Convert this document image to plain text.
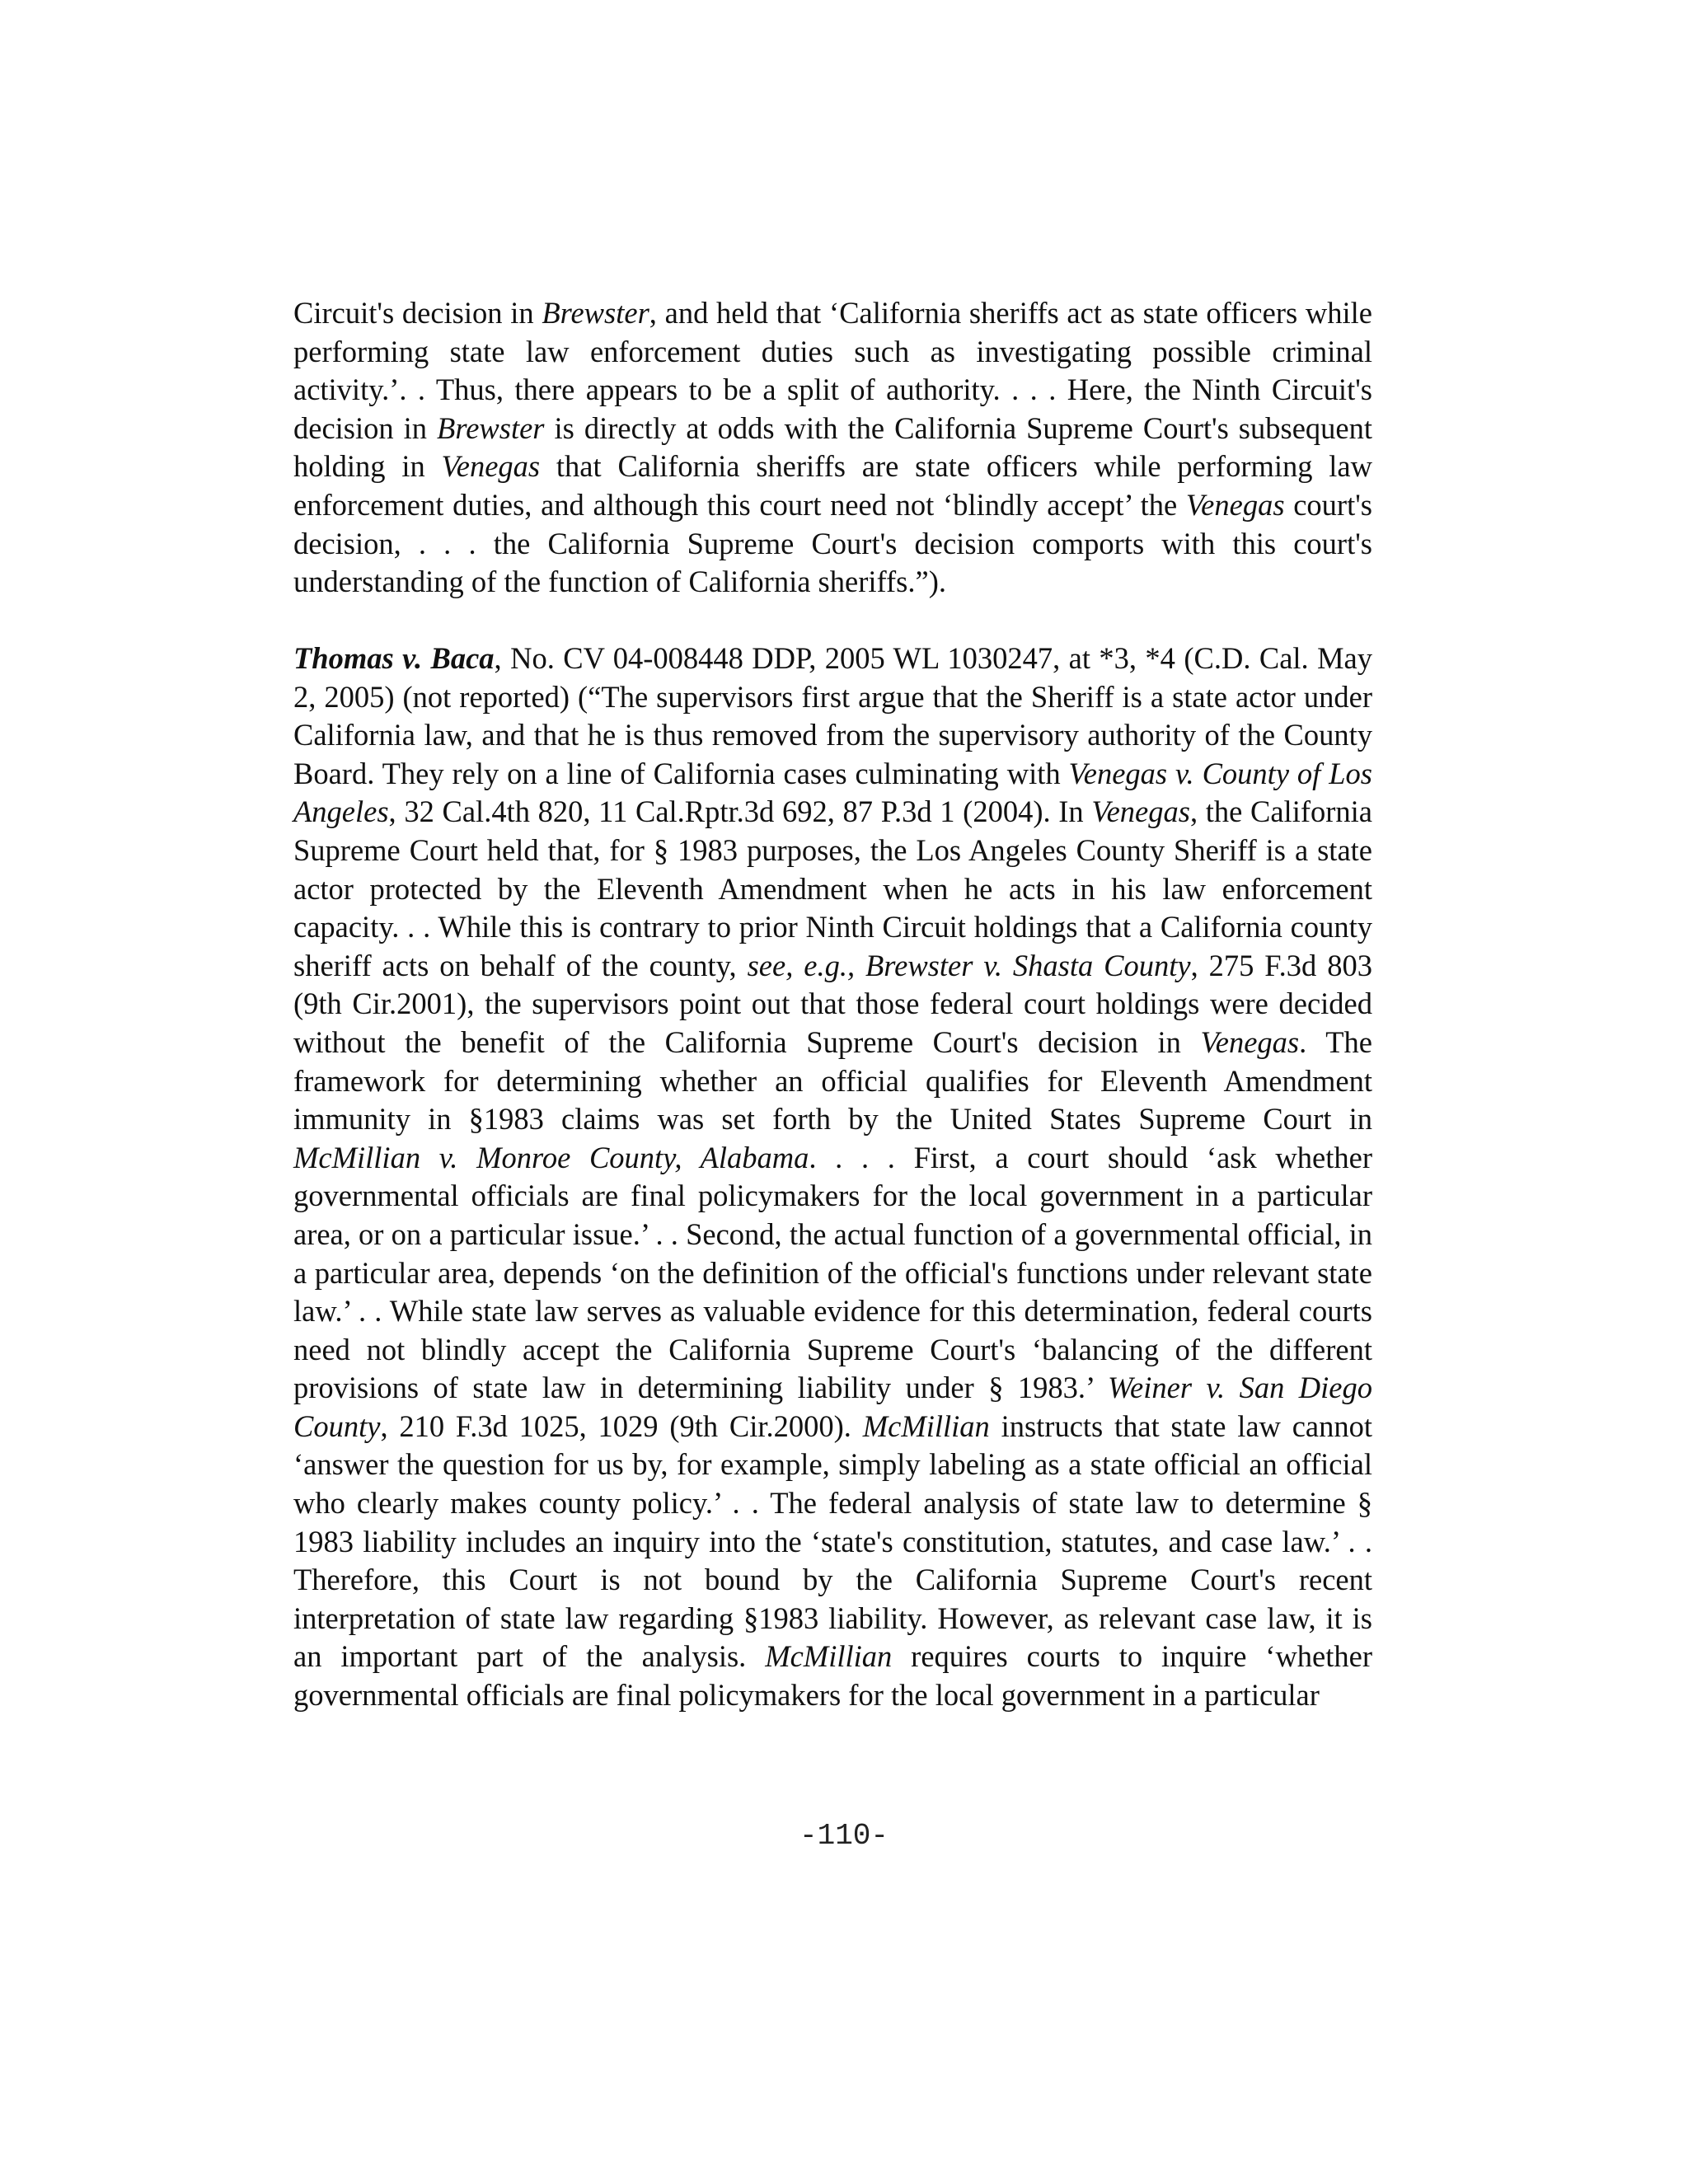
Circuit's decision in Brewster, and held that ‘California sheriffs act as state officers while performing state law enforcement duties such as investigating possible criminal activity.’. . Thus, there appears to be a split of authority. . . . Here, the Ninth Circuit's decision in Brewster is directly at odds with the California Supreme Court's subsequent holding in Venegas that California sheriffs are state officers while performing law enforcement duties, and although this court need not ‘blindly accept’ the Venegas court's decision, . . . the California Supreme Court's decision comports with this court's understanding of the function of California sheriffs.”).
Thomas v. Baca, No. CV 04-008448 DDP, 2005 WL 1030247, at *3, *4 (C.D. Cal. May 2, 2005) (not reported) (“The supervisors first argue that the Sheriff is a state actor under California law, and that he is thus removed from the supervisory authority of the County Board. They rely on a line of California cases culminating with Venegas v. County of Los Angeles, 32 Cal.4th 820, 11 Cal.Rptr.3d 692, 87 P.3d 1 (2004). In Venegas, the California Supreme Court held that, for § 1983 purposes, the Los Angeles County Sheriff is a state actor protected by the Eleventh Amendment when he acts in his law enforcement capacity. . . While this is contrary to prior Ninth Circuit holdings that a California county sheriff acts on behalf of the county, see, e.g., Brewster v. Shasta County, 275 F.3d 803 (9th Cir.2001), the supervisors point out that those federal court holdings were decided without the benefit of the California Supreme Court's decision in Venegas. The framework for determining whether an official qualifies for Eleventh Amendment immunity in §1983 claims was set forth by the United States Supreme Court in McMillian v. Monroe County, Alabama. . . . First, a court should ‘ask whether governmental officials are final policymakers for the local government in a particular area, or on a particular issue.’ . . Second, the actual function of a governmental official, in a particular area, depends ‘on the definition of the official's functions under relevant state law.’ . . While state law serves as valuable evidence for this determination, federal courts need not blindly accept the California Supreme Court's ‘balancing of the different provisions of state law in determining liability under § 1983.’ Weiner v. San Diego County, 210 F.3d 1025, 1029 (9th Cir.2000). McMillian instructs that state law cannot ‘answer the question for us by, for example, simply labeling as a state official an official who clearly makes county policy.’ . . The federal analysis of state law to determine § 1983 liability includes an inquiry into the ‘state's constitution, statutes, and case law.’ . . Therefore, this Court is not bound by the California Supreme Court's recent interpretation of state law regarding §1983 liability. However, as relevant case law, it is an important part of the analysis. McMillian requires courts to inquire ‘whether governmental officials are final policymakers for the local government in a particular
-110-
